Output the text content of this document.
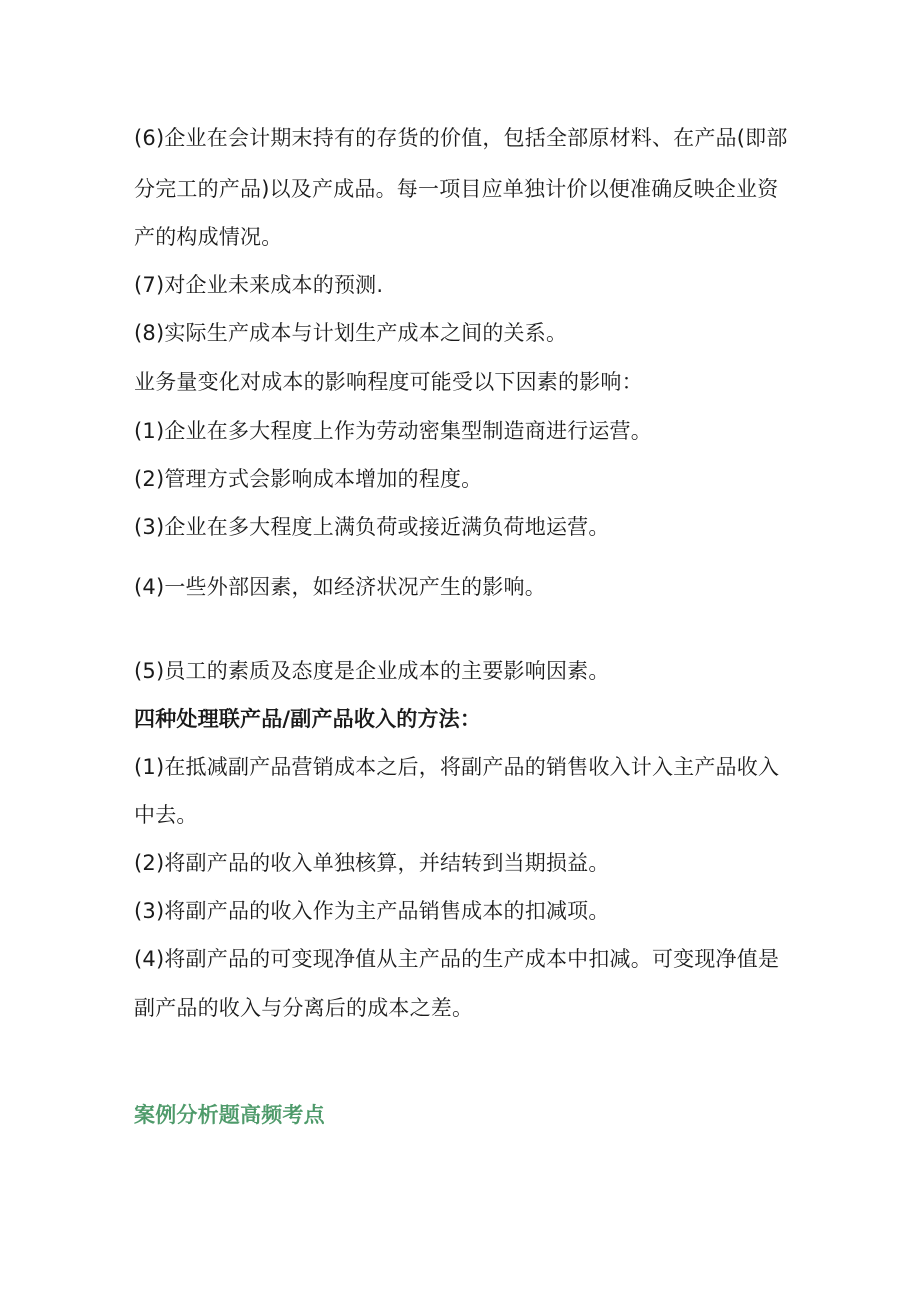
(6)企业在会计期末持有的存货的价值，包括全部原材料、在产品(即部
分完工的产品)以及产成品。每一项目应单独计价以便准确反映企业资
产的构成情况。
(7)对企业未来成本的预测.
(8)实际生产成本与计划生产成本之间的关系。
业务量变化对成本的影响程度可能受以下因素的影响：
(1)企业在多大程度上作为劳动密集型制造商进行运营。
(2)管理方式会影响成本增加的程度。
(3)企业在多大程度上满负荷或接近满负荷地运营。
(4)一些外部因素，如经济状况产生的影响。
(5)员工的素质及态度是企业成本的主要影响因素。
四种处理联产品/副产品收入的方法：
(1)在抵减副产品营销成本之后，将副产品的销售收入计入主产品收入
中去。
(2)将副产品的收入单独核算，并结转到当期损益。
(3)将副产品的收入作为主产品销售成本的扣减项。
(4)将副产品的可变现净值从主产品的生产成本中扣减。可变现净值是
副产品的收入与分离后的成本之差。
案例分析题高频考点
